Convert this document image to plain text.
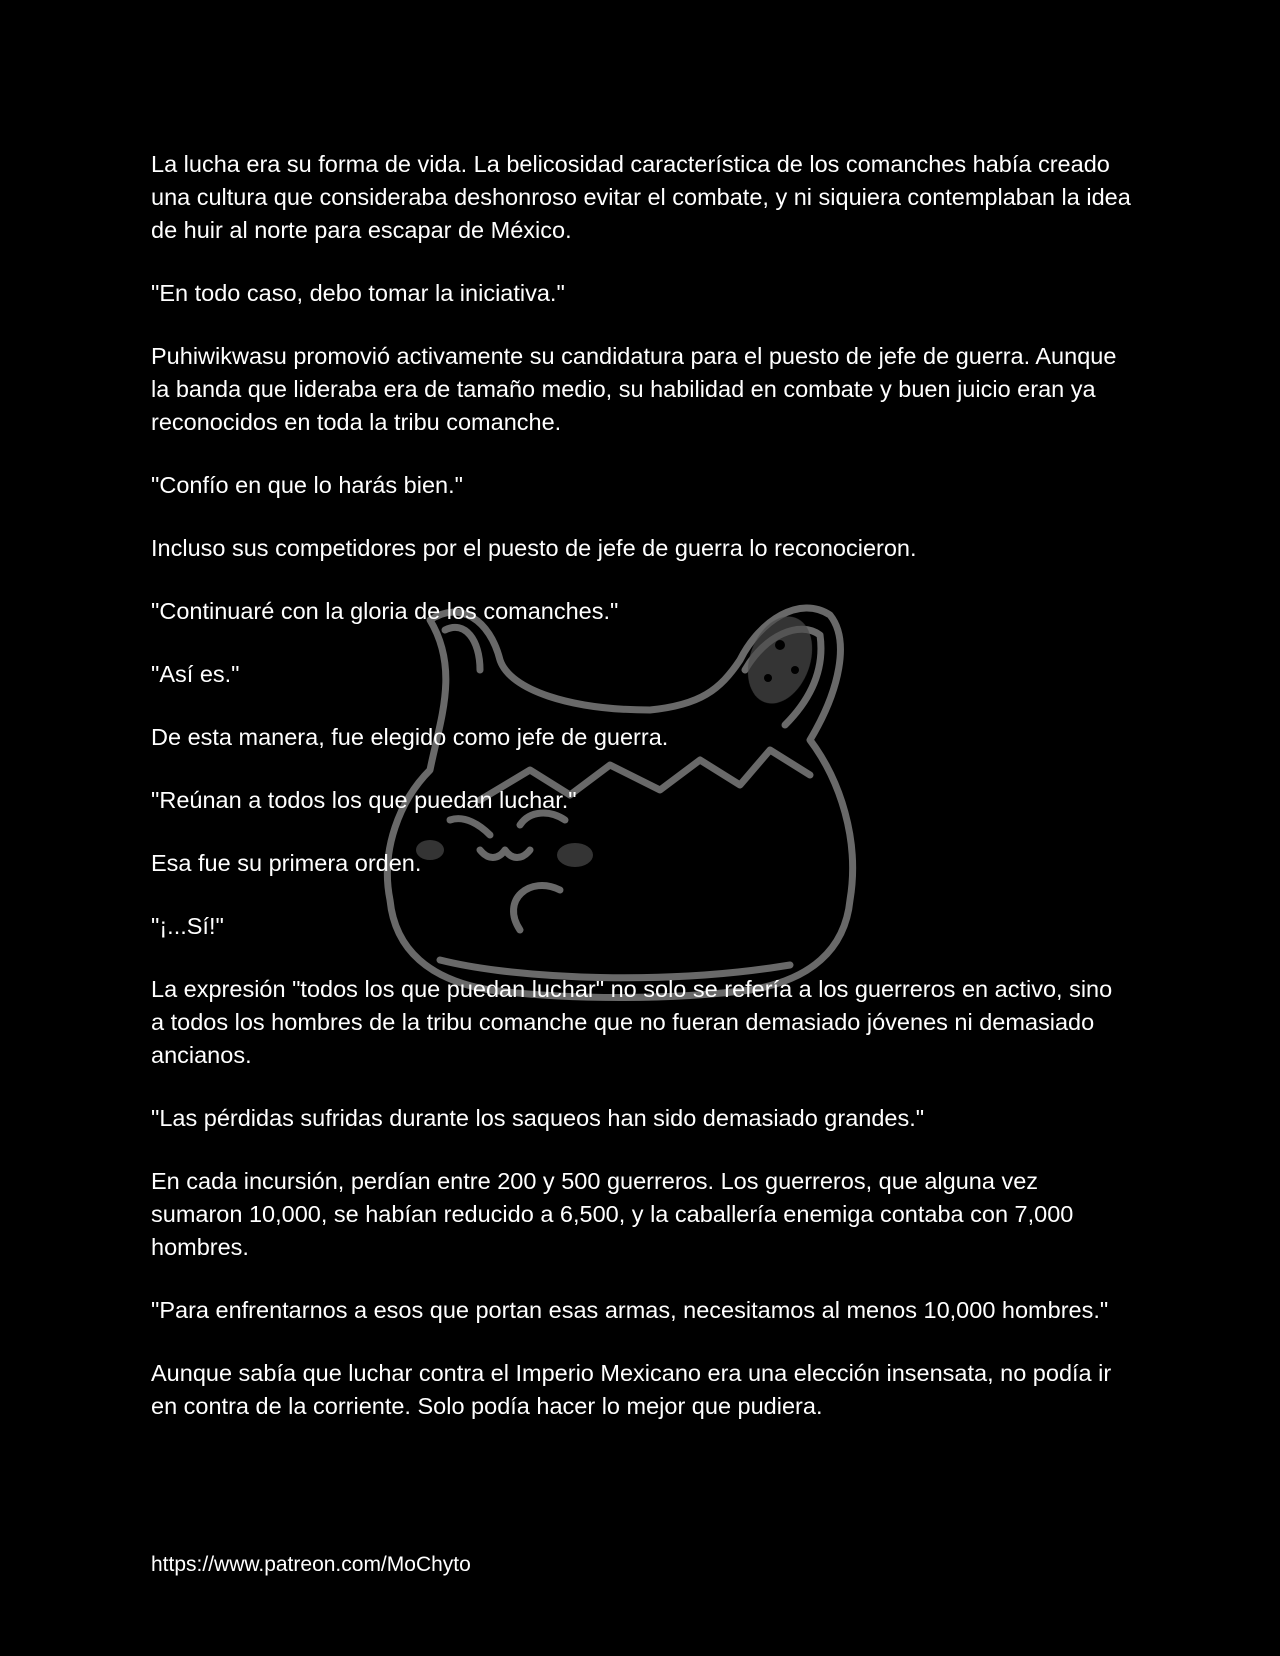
La lucha era su forma de vida. La belicosidad característica de los comanches había creado una cultura que consideraba deshonroso evitar el combate, y ni siquiera contemplaban la idea de huir al norte para escapar de México.

"En todo caso, debo tomar la iniciativa."

Puhiwikwasu promovió activamente su candidatura para el puesto de jefe de guerra. Aunque la banda que lideraba era de tamaño medio, su habilidad en combate y buen juicio eran ya reconocidos en toda la tribu comanche.

"Confío en que lo harás bien."

Incluso sus competidores por el puesto de jefe de guerra lo reconocieron.

"Continuaré con la gloria de los comanches."

"Así es."

De esta manera, fue elegido como jefe de guerra.

"Reúnan a todos los que puedan luchar."

Esa fue su primera orden.

"¡...Sí!"

La expresión "todos los que puedan luchar" no solo se refería a los guerreros en activo, sino a todos los hombres de la tribu comanche que no fueran demasiado jóvenes ni demasiado ancianos.

"Las pérdidas sufridas durante los saqueos han sido demasiado grandes."

En cada incursión, perdían entre 200 y 500 guerreros. Los guerreros, que alguna vez sumaron 10,000, se habían reducido a 6,500, y la caballería enemiga contaba con 7,000 hombres.

"Para enfrentarnos a esos que portan esas armas, necesitamos al menos 10,000 hombres."

Aunque sabía que luchar contra el Imperio Mexicano era una elección insensata, no podía ir en contra de la corriente. Solo podía hacer lo mejor que pudiera.

https://www.patreon.com/MoChyto
